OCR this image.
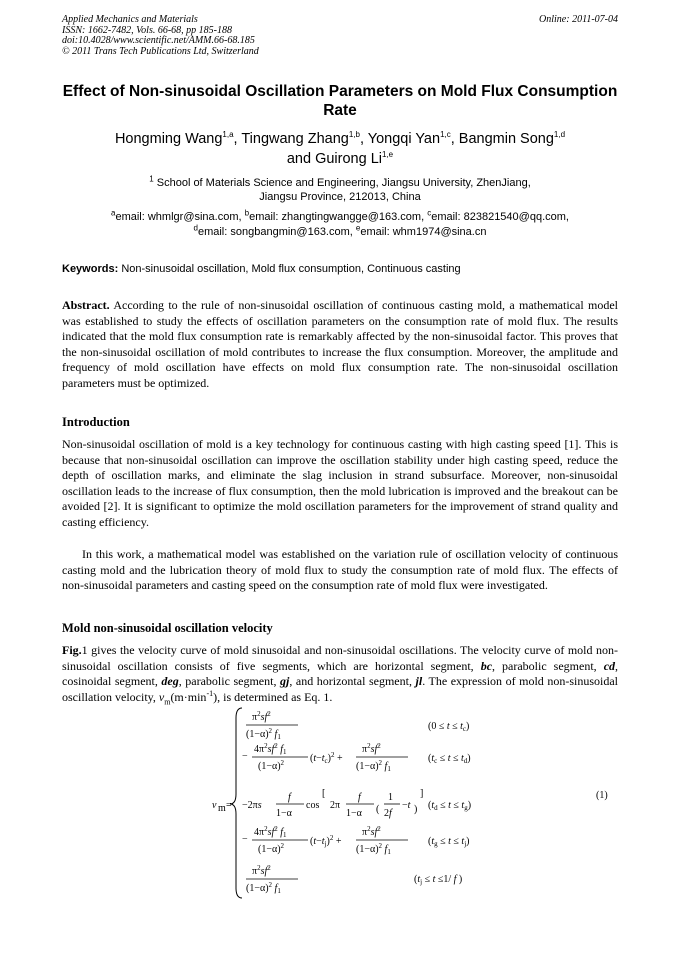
Applied Mechanics and Materials	Online: 2011-07-04
ISSN: 1662-7482, Vols. 66-68, pp 185-188
doi:10.4028/www.scientific.net/AMM.66-68.185
© 2011 Trans Tech Publications Ltd, Switzerland
Effect of Non-sinusoidal Oscillation Parameters on Mold Flux Consumption Rate
Hongming Wang$^{1,a}$, Tingwang Zhang$^{1,b}$, Yongqi Yan$^{1,c}$, Bangmin Song$^{1,d}$
and Guirong Li$^{1,e}$
$^1$ School of Materials Science and Engineering, Jiangsu University, ZhenJiang,
Jiangsu Province, 212013, China
$^a$email: whmlgr@sina.com, $^b$email: zhangtingwangge@163.com, $^c$email: 823821540@qq.com,
$^d$email: songbangmin@163.com, $^e$email: whm1974@sina.cn
Keywords: Non-sinusoidal oscillation, Mold flux consumption, Continuous casting
Abstract. According to the rule of non-sinusoidal oscillation of continuous casting mold, a mathematical model was established to study the effects of oscillation parameters on the consumption rate of mold flux. The results indicated that the mold flux consumption rate is remarkably affected by the non-sinusoidal factor. This proves that the non-sinusoidal oscillation of mold contributes to increase the flux consumption. Moreover, the amplitude and frequency of mold oscillation have effects on mold flux consumption rate. The non-sinusoidal oscillation parameters must be optimized.
Introduction
Non-sinusoidal oscillation of mold is a key technology for continuous casting with high casting speed [1]. This is because that non-sinusoidal oscillation can improve the oscillation stability under high casting speed, reduce the depth of oscillation marks, and eliminate the slag inclusion in strand subsurface. Moreover, non-sinusoidal oscillation leads to the increase of flux consumption, then the mold lubrication is improved and the breakout can be avoided [2]. It is significant to optimize the mold oscillation parameters for the improvement of strand quality and casting efficiency.
In this work, a mathematical model was established on the variation rule of oscillation velocity of continuous casting mold and the lubrication theory of mold flux to study the consumption rate of mold flux. The effects of non-sinusoidal parameters and casting speed on the consumption rate of mold flux were investigated.
Mold non-sinusoidal oscillation velocity
Fig.1 gives the velocity curve of mold sinusoidal and non-sinusoidal oscillations. The velocity curve of mold non-sinusoidal oscillation consists of five segments, which are horizontal segment, bc, parabolic segment, cd, cosinoidal segment, deg, parabolic segment, gj, and horizontal segment, jl. The expression of mold non-sinusoidal oscillation velocity, $v_m(m\cdot\min^{-1})$, is determined as Eq. 1.
v m =
$\pi^2sf^2$
$(1-\alpha)^2$ $f_1$
$(0 \le t \le t_c)$
−
$4\pi^2sf^2$ $f_1$
$(1-\alpha)^2$	$(t-t_c)^2$ +
$\pi^2sf^2$
$(1-\alpha)^2$ $f_1$
$(t_c \le t \le t_d)$
−2πs
f
1−α
cos
[
2π
f
1−α (
1
2f
−t )
]
$(t_d \le t \le t_g)$
−
$4\pi^2sf^2$ $f_1$
$(1-\alpha)^2$	$(t-t_j)^2$ +
$\pi^2sf^2$
$(1-\alpha)^2$ $f_1$
$(t_g \le t \le t_j)$
$\pi^2sf^2$
$(1-\alpha)^2$ $f_1$
($t_j \le t \le 1/$ f )
(1)
